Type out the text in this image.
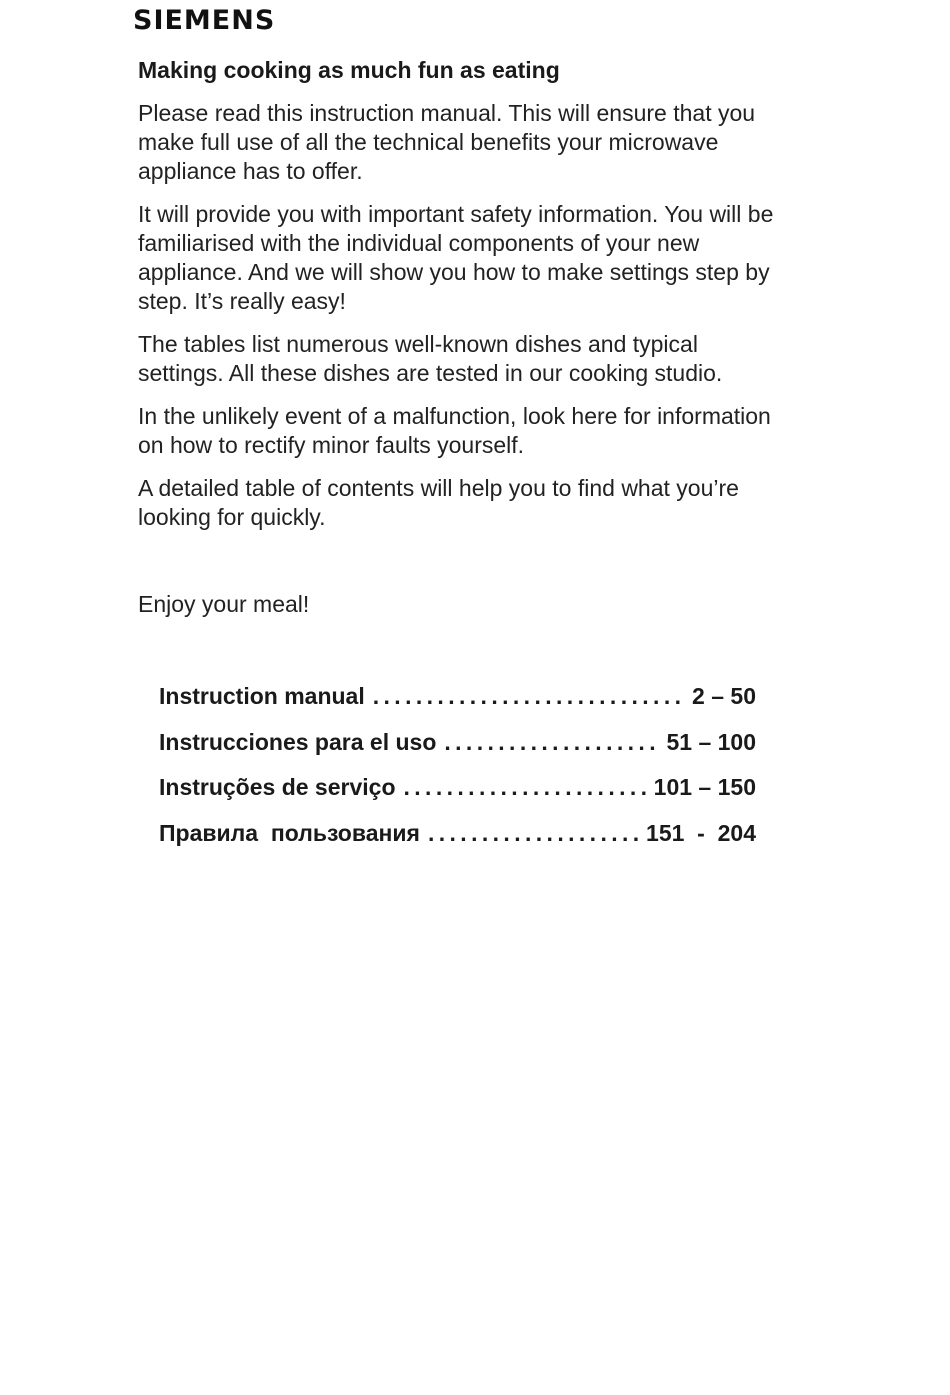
SIEMENS
Making cooking as much fun as eating

Please read this instruction manual. This will ensure that you make full use of all the technical benefits your microwave appliance has to offer.

It will provide you with important safety information. You will be familiarised with the individual components of your new appliance. And we will show you how to make settings step by step. It’s really easy!

The tables list numerous well-known dishes and typical settings. All these dishes are tested in our cooking studio.

In the unlikely event of a malfunction, look here for information on how to rectify minor faults yourself.

A detailed table of contents will help you to find what you’re looking for quickly.

Enjoy your meal!

Instruction manual . . .	2 – 50
Instrucciones para el uso . . .	51 – 100
Instruções de serviço . . .	101 – 150
Правила  пользования . . .	151  -  204
